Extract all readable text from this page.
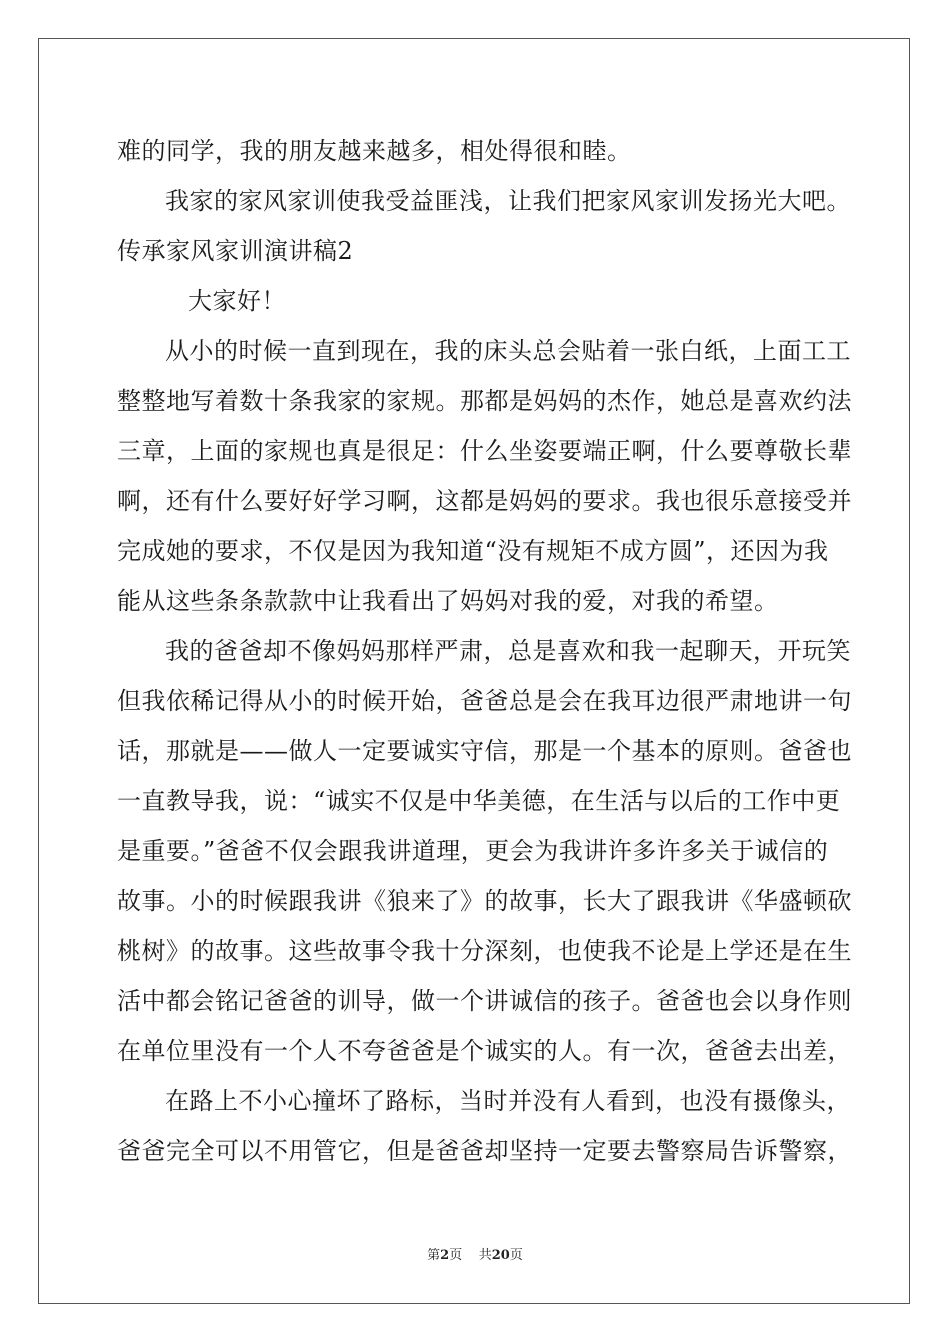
难的同学，我的朋友越来越多，相处得很和睦。
我家的家风家训使我受益匪浅，让我们把家风家训发扬光大吧。
传承家风家训演讲稿2
大家好！
从小的时候一直到现在，我的床头总会贴着一张白纸，上面工工
整整地写着数十条我家的家规。那都是妈妈的杰作，她总是喜欢约法
三章，上面的家规也真是很足：什么坐姿要端正啊，什么要尊敬长辈
啊，还有什么要好好学习啊，这都是妈妈的要求。我也很乐意接受并
完成她的要求，不仅是因为我知道“没有规矩不成方圆”，还因为我
能从这些条条款款中让我看出了妈妈对我的爱，对我的希望。
我的爸爸却不像妈妈那样严肃，总是喜欢和我一起聊天，开玩笑
但我依稀记得从小的时候开始，爸爸总是会在我耳边很严肃地讲一句
话，那就是——做人一定要诚实守信，那是一个基本的原则。爸爸也
一直教导我，说：“诚实不仅是中华美德，在生活与以后的工作中更
是重要。”爸爸不仅会跟我讲道理，更会为我讲许多许多关于诚信的
故事。小的时候跟我讲《狼来了》的故事，长大了跟我讲《华盛顿砍
桃树》的故事。这些故事令我十分深刻，也使我不论是上学还是在生
活中都会铭记爸爸的训导，做一个讲诚信的孩子。爸爸也会以身作则
在单位里没有一个人不夸爸爸是个诚实的人。有一次，爸爸去出差，
在路上不小心撞坏了路标，当时并没有人看到，也没有摄像头，
爸爸完全可以不用管它，但是爸爸却坚持一定要去警察局告诉警察，
第2页 共20页
